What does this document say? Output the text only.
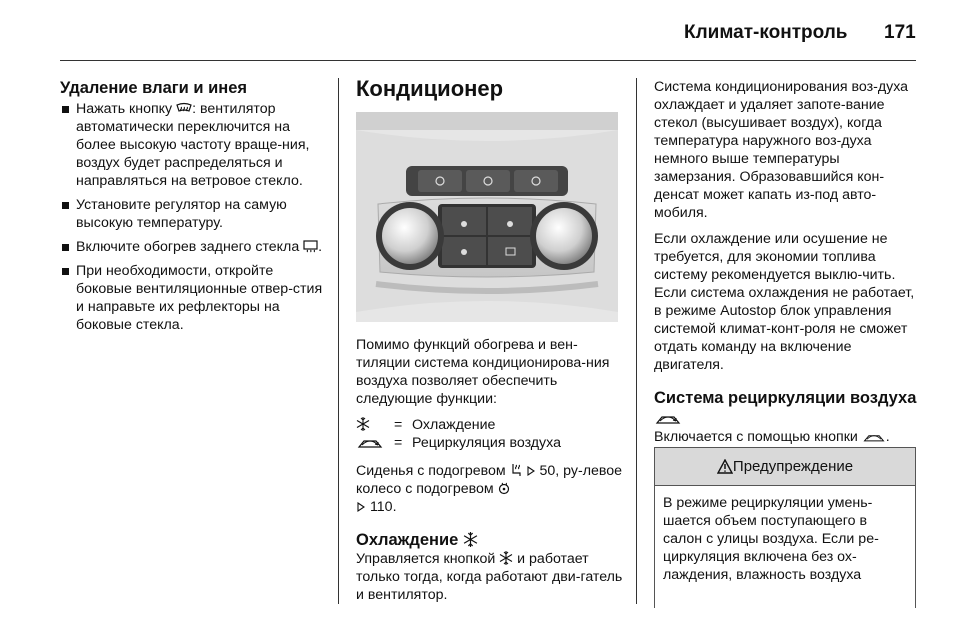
Климат-контроль 171
Удаление влаги и инея
Нажать кнопку : вентилятор автоматически переключится на более высокую частоту враще-ния, воздух будет распределяться и направляться на ветровое стекло.
Установите регулятор на самую высокую температуру.
Включите обогрев заднего стекла .
При необходимости, откройте боковые вентиляционные отвер-стия и направьте их рефлекторы на боковые стекла.
Кондиционер

Помимо функций обогрева и вен-тиляции система кондиционирова-ния воздуха позволяет обеспечить следующие функции:

= Охлаждение
= Рециркуляция воздуха

Сиденья с подогревом   50, ру-левое колесо с подогревом
110.

Охлаждение

Управляется кнопкой  и работает только тогда, когда работают дви-гатель и вентилятор.

Система кондиционирования воз-духа охлаждает и удаляет запоте-вание стекол (высушивает воздух), когда температура наружного воз-духа немного выше температуры замерзания. Образовавшийся кон-денсат может капать из-под авто-мобиля.

Если охлаждение или осушение не требуется, для экономии топлива систему рекомендуется выклю-чить. Если система охлаждения не работает, в режиме Autostop блок управления системой климат-конт-роля не сможет отдать команду на включение двигателя.

Система рециркуляции воздуха

Включается с помощью кнопки .

Предупреждение
В режиме рециркуляции умень-шается объем поступающего в салон с улицы воздуха. Если ре-циркуляция включена без ох-лаждения, влажность воздуха
